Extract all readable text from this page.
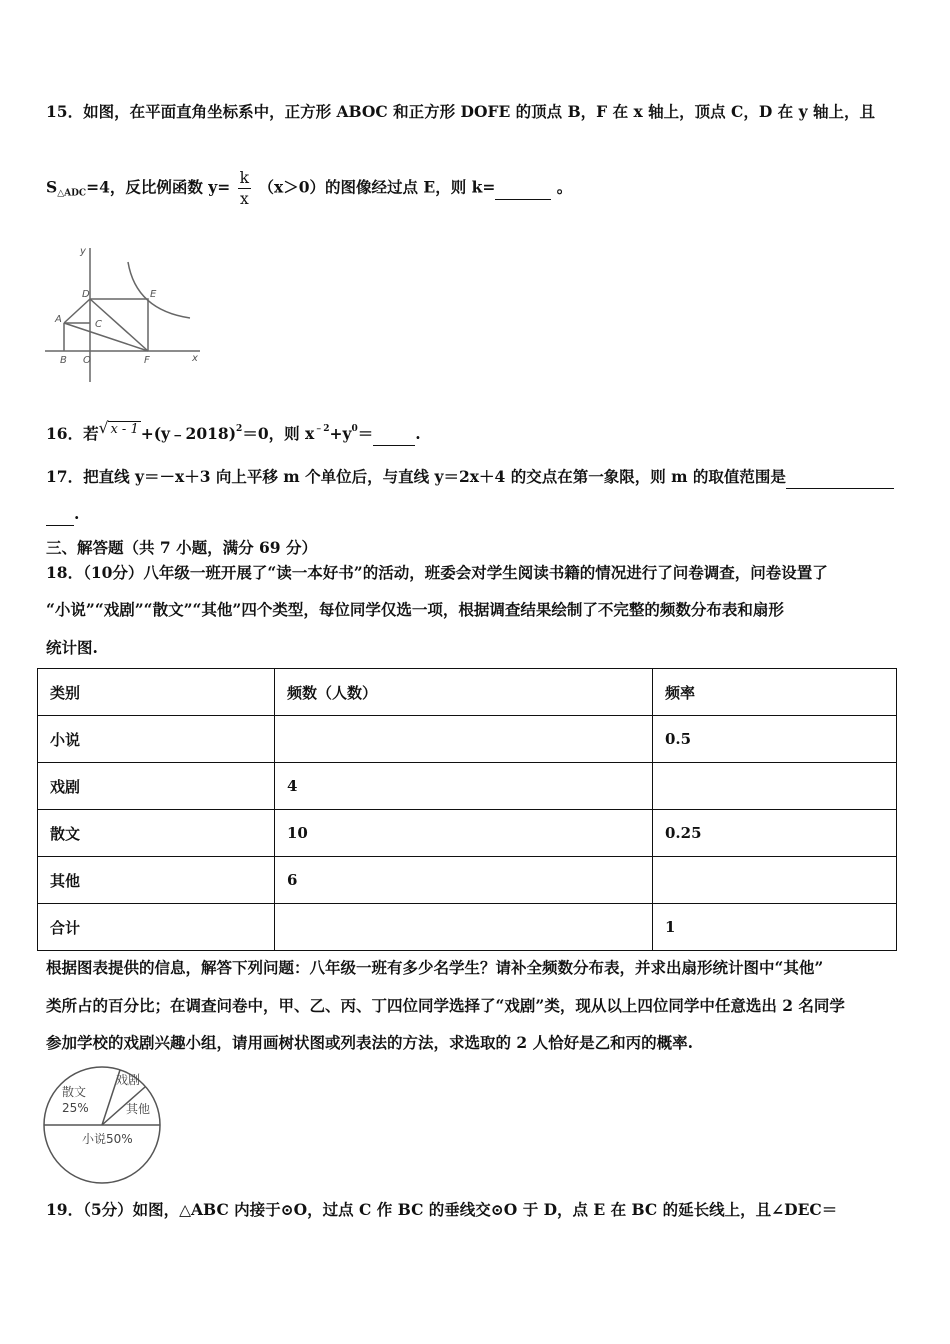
15．如图，在平面直角坐标系中，正方形 ABOC 和正方形 DOFE 的顶点 B，F 在 x 轴上，顶点 C，D 在 y 轴上，且
$S_{\triangle ADC}=4$，反比例函数 $y= \frac{k}{x} (x>0)$的图像经过点 E，则 k=	。
y
x
D	E
A	C
B O	F
16．若√ x - 1 +(y﹣2018)$^2$＝0，则 $x^{﹣2}+y^0=$	.
17．把直线 y＝－x＋3 向上平移 m 个单位后，与直线 y＝2x＋4 的交点在第一象限，则 m 的取值范围是
.
三、解答题（共 7 小题，满分 69 分）
18．（10分）八年级一班开展了“读一本好书”的活动，班委会对学生阅读书籍的情况进行了问卷调查，问卷设置了
“小说”“戏剧”“散文”“其他”四个类型，每位同学仅选一项，根据调查结果绘制了不完整的频数分布表和扇形
统计图.
类别	频数（人数）	频率
小说		0.5
戏剧	4	
散文	10	0.25
其他	6	
合计		1
根据图表提供的信息，解答下列问题：八年级一班有多少名学生？请补全频数分布表，并求出扇形统计图中“其他”
类所占的百分比；在调查问卷中，甲、乙、丙、丁四位同学选择了“戏剧”类，现从以上四位同学中任意选出 2 名同学
参加学校的戏剧兴趣小组，请用画树状图或列表法的方法，求选取的 2 人恰好是乙和丙的概率.
散文
25%
戏剧
其他
小说50%
19．（5分）如图，△ABC 内接于⊙O，过点 C 作 BC 的垂线交⊙O 于 D，点 E 在 BC 的延长线上，且∠DEC＝
